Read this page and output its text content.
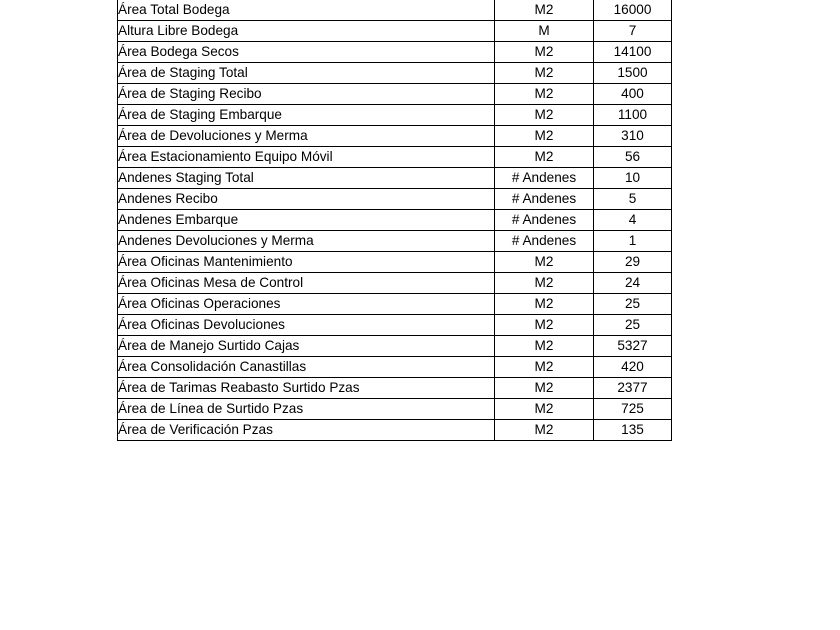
Área Total Bodega	M2	16000
Altura Libre Bodega	M	7
Área Bodega Secos	M2	14100
Área de Staging Total	M2	1500
Área de Staging Recibo	M2	400
Área de Staging Embarque	M2	1100
Área de Devoluciones y Merma	M2	310
Área Estacionamiento Equipo Móvil	M2	56
Andenes Staging Total	# Andenes	10
Andenes Recibo	# Andenes	5
Andenes Embarque	# Andenes	4
Andenes Devoluciones y Merma	# Andenes	1
Área Oficinas Mantenimiento	M2	29
Área Oficinas Mesa de Control	M2	24
Área Oficinas Operaciones	M2	25
Área Oficinas Devoluciones	M2	25
Área de Manejo Surtido Cajas	M2	5327
Área Consolidación Canastillas	M2	420
Área de Tarimas Reabasto Surtido Pzas	M2	2377
Área de Línea de Surtido Pzas	M2	725
Área de Verificación Pzas	M2	135
